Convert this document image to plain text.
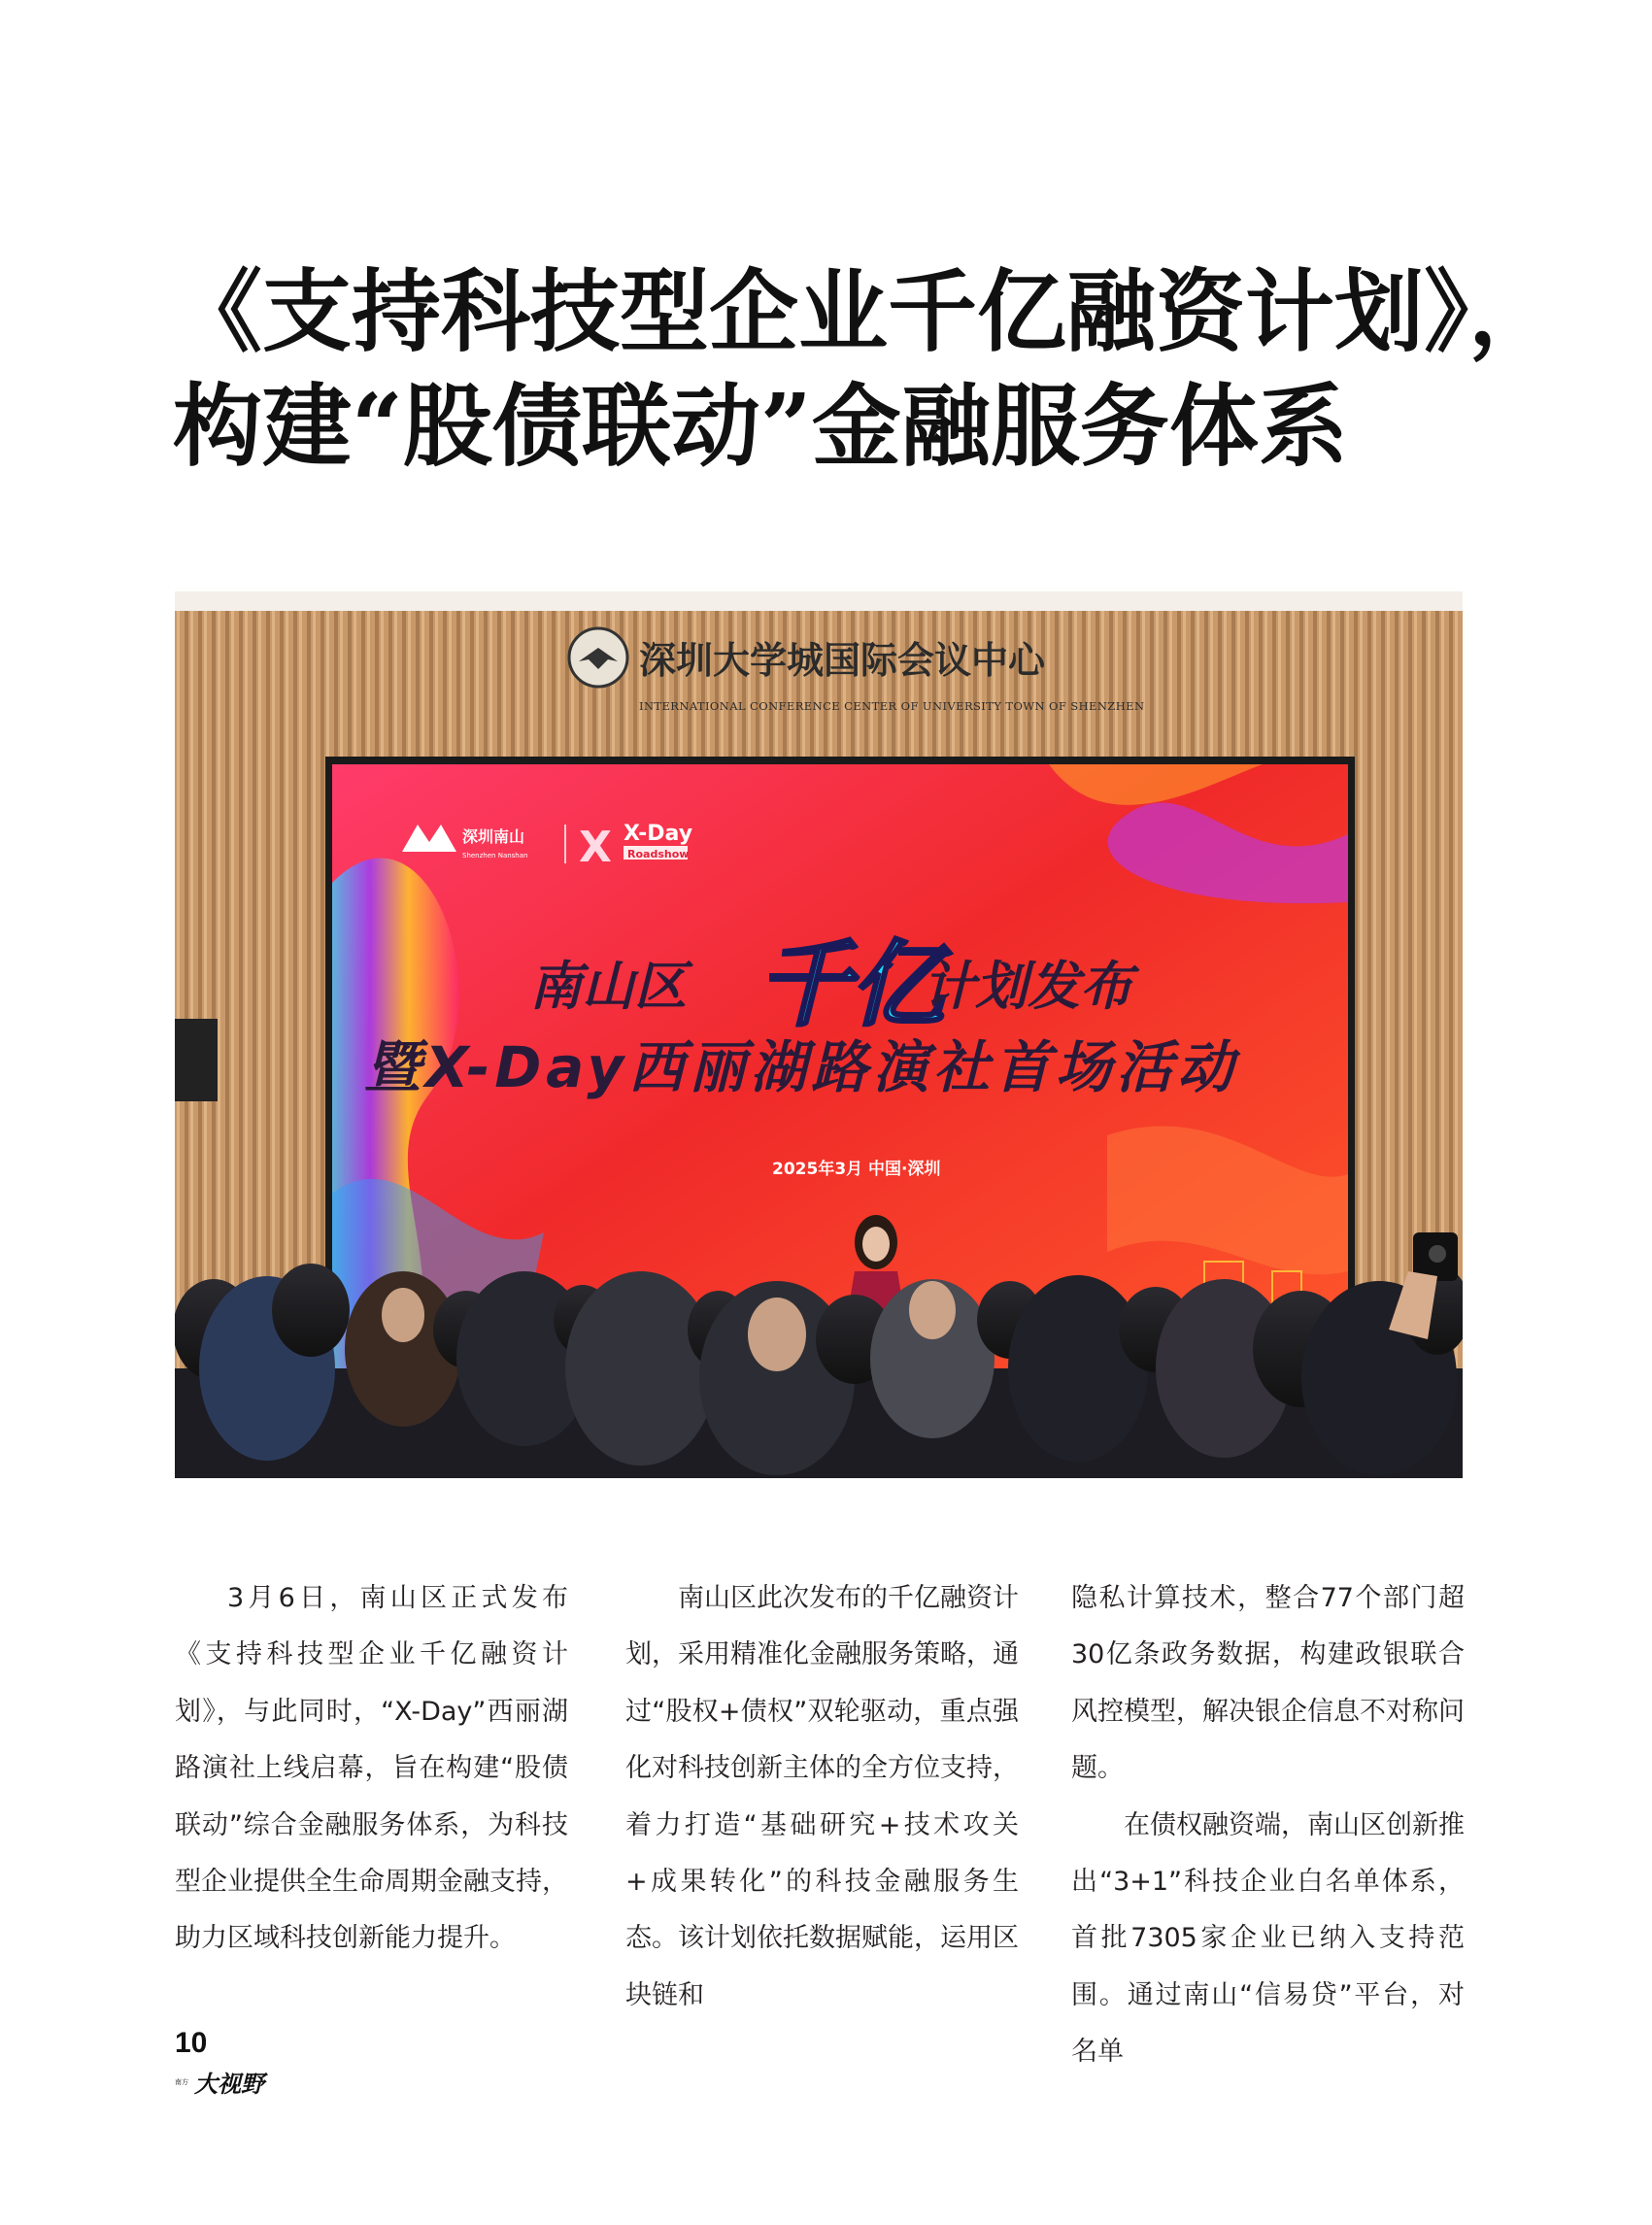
《支持科技型企业千亿融资计划》，
构建“股债联动”金融服务体系
深圳大学城国际会议中心
INTERNATIONAL CONFERENCE CENTER OF UNIVERSITY TOWN OF SHENZHEN
深圳南山
Shenzhen Nanshan X X-Day
Roadshow
南山区 千亿
计划发布
暨X-Day西丽湖路演社首场活动
2025年3月 中国·深圳

3月6日，南山区正式发布《支持科技型企业千亿融资计划》，与此同时，“X-Day”西丽湖路演社上线启幕，旨在构建“股债联动”综合金融服务体系，为科技型企业提供全生命周期金融支持，助力区域科技创新能力提升。

南山区此次发布的千亿融资计划，采用精准化金融服务策略，通过“股权+债权”双轮驱动，重点强化对科技创新主体的全方位支持，着力打造“基础研究+技术攻关+成果转化”的科技金融服务生态。该计划依托数据赋能，运用区块链和

隐私计算技术，整合77个部门超30亿条政务数据，构建政银联合风控模型，解决银企信息不对称问题。

在债权融资端，南山区创新推出“3+1”科技企业白名单体系，首批7305家企业已纳入支持范围。通过南山“信易贷”平台，对名单

10
南方 大视野
